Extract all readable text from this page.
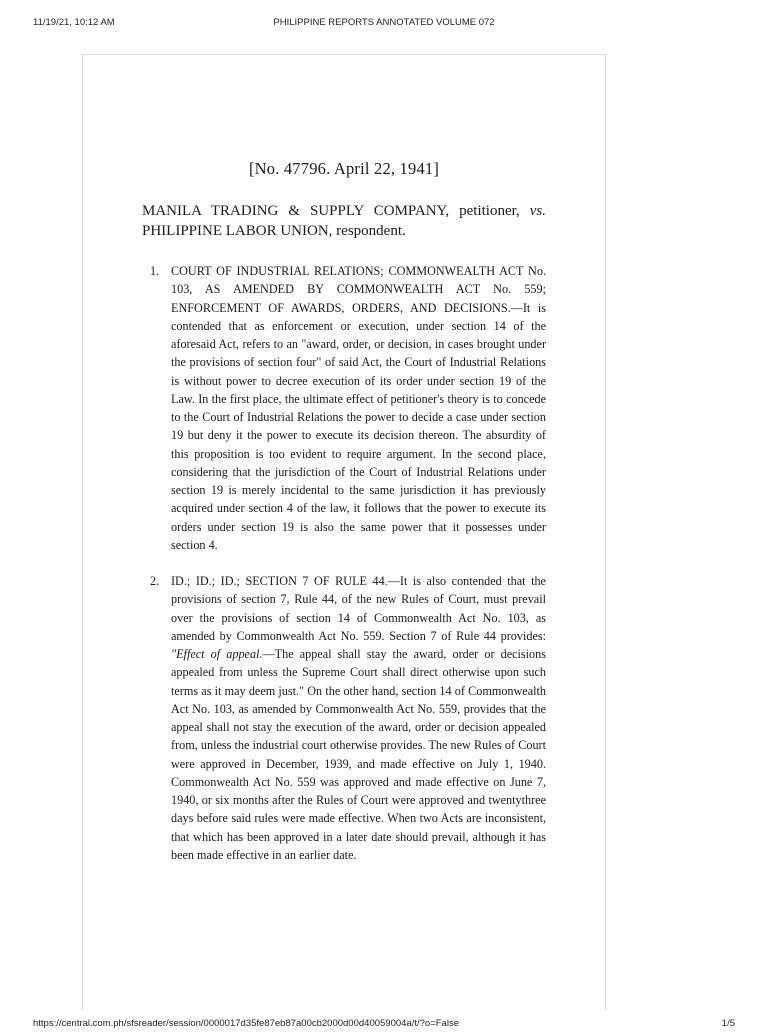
11/19/21, 10:12 AM	PHILIPPINE REPORTS ANNOTATED VOLUME 072
[No. 47796. April 22, 1941]
MANILA TRADING & SUPPLY COMPANY, petitioner, vs.
PHILIPPINE LABOR UNION, respondent.
1. COURT OF INDUSTRIAL RELATIONS; COMMONWEALTH ACT No. 103, AS AMENDED BY COMMONWEALTH ACT No. 559; ENFORCEMENT OF AWARDS, ORDERS, AND DECISIONS.—It is contended that as enforcement or execution, under section 14 of the aforesaid Act, refers to an "award, order, or decision, in cases brought under the provisions of section four" of said Act, the Court of Industrial Relations is without power to decree execution of its order under section 19 of the Law. In the first place, the ultimate effect of petitioner's theory is to concede to the Court of Industrial Relations the power to decide a case under section 19 but deny it the power to execute its decision thereon. The absurdity of this proposition is too evident to require argument. In the second place, considering that the jurisdiction of the Court of Industrial Relations under section 19 is merely incidental to the same jurisdiction it has previously acquired under section 4 of the law, it follows that the power to execute its orders under section 19 is also the same power that it possesses under section 4.
2. ID.; ID.; ID.; SECTION 7 OF RULE 44.—It is also contended that the provisions of section 7, Rule 44, of the new Rules of Court, must prevail over the provisions of section 14 of Commonwealth Act No. 103, as amended by Commonwealth Act No. 559. Section 7 of Rule 44 provides: "Effect of appeal.—The appeal shall stay the award, order or decisions appealed from unless the Supreme Court shall direct otherwise upon such terms as it may deem just." On the other hand, section 14 of Commonwealth Act No. 103, as amended by Commonwealth Act No. 559, provides that the appeal shall not stay the execution of the award, order or decision appealed from, unless the industrial court otherwise provides. The new Rules of Court were approved in December, 1939, and made effective on July 1, 1940. Commonwealth Act No. 559 was approved and made effective on June 7, 1940, or six months after the Rules of Court were approved and twentythree days before said rules were made effective. When two Acts are inconsistent, that which has been approved in a later date should prevail, although it has been made effective in an earlier date.
https://central.com.ph/sfsreader/session/0000017d35fe87eb87a00cb2000d00d40059004a/t/?o=False	1/5
